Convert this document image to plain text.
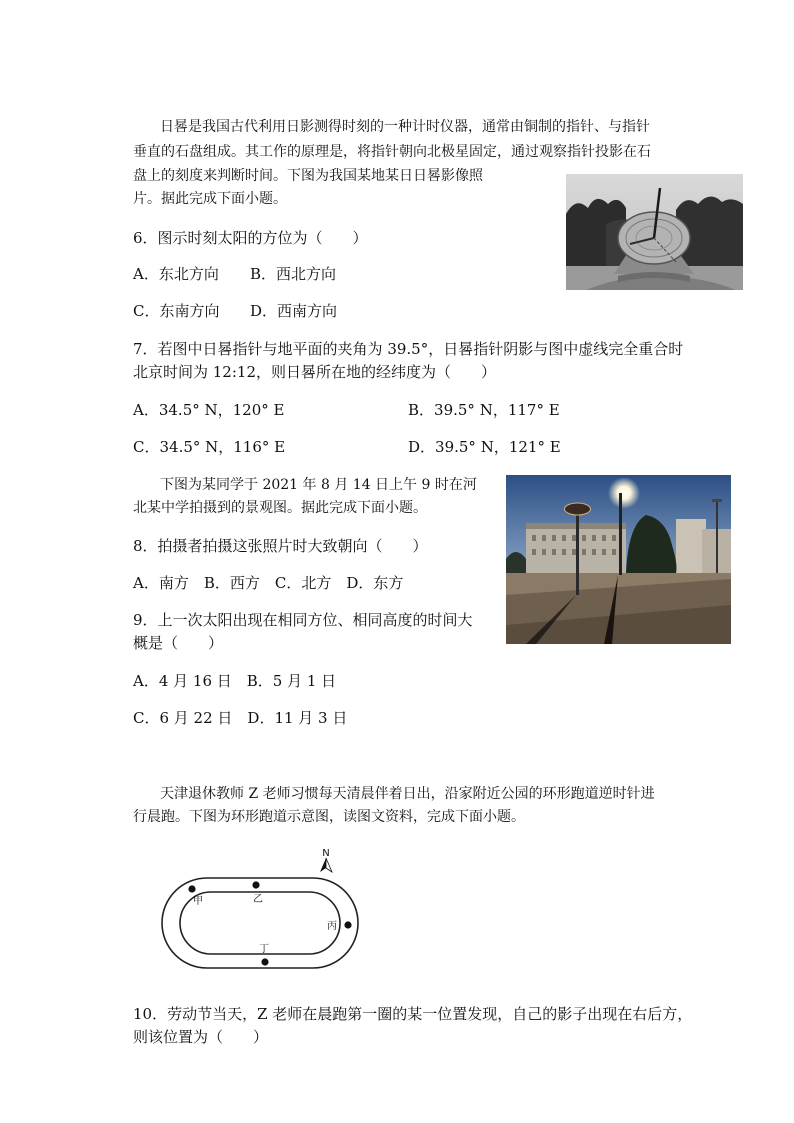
日晷是我国古代利用日影测得时刻的一种计时仪器，通常由铜制的指针、与指针
垂直的石盘组成。其工作的原理是，将指针朝向北极星固定，通过观察指针投影在石
盘上的刻度来判断时间。下图为我国某地某日日晷影像照
片。据此完成下面小题。
6．图示时刻太阳的方位为（　　）
A．东北方向 B．西北方向
C．东南方向 D．西南方向
7．若图中日晷指针与地平面的夹角为 39.5°，日晷指针阴影与图中虚线完全重合时
北京时间为 12:12，则日晷所在地的经纬度为（　　）
A．34.5° N，120° E	B．39.5° N，117° E
C．34.5° N，116° E	D．39.5° N，121° E
下图为某同学于 2021 年 8 月 14 日上午 9 时在河
北某中学拍摄到的景观图。据此完成下面小题。
8．拍摄者拍摄这张照片时大致朝向（　　）
A．南方　B．西方　C．北方　D．东方
9．上一次太阳出现在相同方位、相同高度的时间大
概是（　　）
A．4 月 16 日　B．5 月 1 日
C．6 月 22 日　D．11 月 3 日
天津退休教师 Z 老师习惯每天清晨伴着日出，沿家附近公园的环形跑道逆时针进
行晨跑。下图为环形跑道示意图，读图文资料，完成下面小题。
N
甲	乙
丙
丁
10．劳动节当天，Z 老师在晨跑第一圈的某一位置发现，自己的影子出现在右后方，
则该位置为（　　）
